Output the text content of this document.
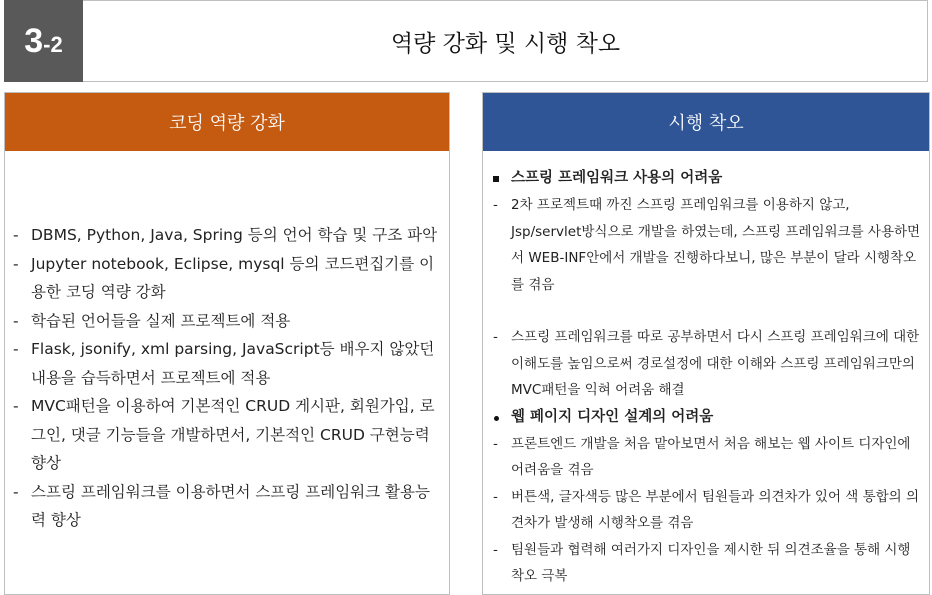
3 -2	역량 강화 및 시행 착오
코딩 역량 강화
- DBMS, Python, Java, Spring 등의 언어 학습 및 구조 파악
- Jupyter notebook, Eclipse, mysql 등의 코드편집기를 이용한 코딩 역량 강화
- 학습된 언어들을 실제 프로젝트에 적용
- Flask, jsonify, xml parsing, JavaScript등 배우지 않았던 내용을 습득하면서 프로젝트에 적용
- MVC패턴을 이용하여 기본적인 CRUD 게시판, 회원가입, 로그인, 댓글 기능들을 개발하면서, 기본적인 CRUD 구현능력 향상
- 스프링 프레임워크를 이용하면서 스프링 프레임워크 활용능력 향상
시행 착오
스프링 프레임워크 사용의 어려움
- 2차 프로젝트때 까진 스프링 프레임워크를 이용하지 않고, Jsp/servlet방식으로 개발을 하였는데, 스프링 프레임워크를 사용하면서 WEB-INF안에서 개발을 진행하다보니, 많은 부분이 달라 시행착오를 겪음
- 스프링 프레임워크를 따로 공부하면서 다시 스프링 프레임워크에 대한 이해도를 높임으로써 경로설정에 대한 이해와 스프링 프레임워크만의 MVC패턴을 익혀 어려움 해결
웹 페이지 디자인 설계의 어려움
- 프론트엔드 개발을 처음 맡아보면서 처음 해보는 웹 사이트 디자인에 어려움을 겪음
- 버튼색, 글자색등 많은 부분에서 팀원들과 의견차가 있어 색 통합의 의견차가 발생해 시행착오를 겪음
- 팀원들과 협력해 여러가지 디자인을 제시한 뒤 의견조율을 통해 시행착오 극복
